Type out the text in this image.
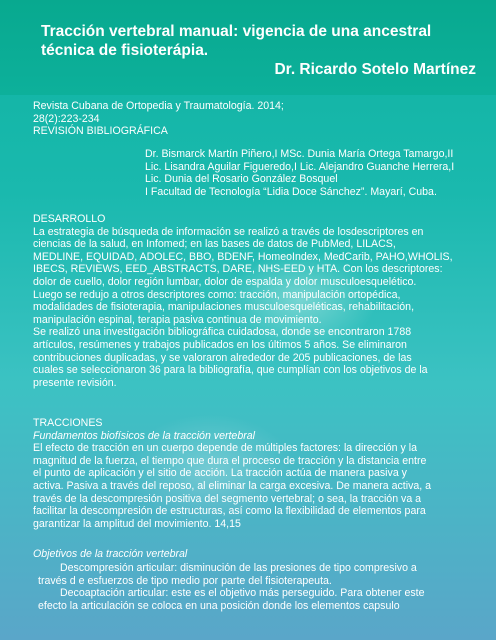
Tracción vertebral manual: vigencia de una ancestral técnica de fisioterápia.

Dr. Ricardo Sotelo Martínez

Revista Cubana de Ortopedia y Traumatología. 2014;

28(2):223-234

REVISIÓN BIBLIOGRÁFICA

Dr. Bismarck Martín Piñero,I MSc. Dunia María Ortega Tamargo,II

Lic. Lisandra Aguilar Figueredo,I Lic. Alejandro Guanche Herrera,I

Lic. Dunia del Rosario González Bosquel

I Facultad de Tecnología “Lidia Doce Sánchez”. Mayarí, Cuba.

DESARROLLO

La estrategia de búsqueda de información se realizó a través de losdescriptores en

ciencias de la salud, en Infomed; en las bases de datos de PubMed, LILACS,

MEDLINE, EQUIDAD, ADOLEC, BBO, BDENF, HomeoIndex, MedCarib, PAHO,WHOLIS,

IBECS, REVIEWS, EED_ABSTRACTS, DARE, NHS-EED y HTA. Con los descriptores:

dolor de cuello, dolor región lumbar, dolor de espalda y dolor musculoesquelético.

Luego se redujo a otros descriptores como: tracción, manipulación ortopédica,

modalidades de fisioterapia, manipulaciones musculoesqueléticas, rehabilitación,

manipulación espinal, terapia pasiva continua de movimiento.

Se realizó una investigación bibliográfica cuidadosa, donde se encontraron 1788

artículos, resúmenes y trabajos publicados en los últimos 5 años. Se eliminaron

contribuciones duplicadas, y se valoraron alrededor de 205 publicaciones, de las

cuales se seleccionaron 36 para la bibliografía, que cumplían con los objetivos de la

presente revisión.

TRACCIONES

Fundamentos biofísicos de la tracción vertebral

El efecto de tracción en un cuerpo depende de múltiples factores: la dirección y la

magnitud de la fuerza, el tiempo que dura el proceso de tracción y la distancia entre

el punto de aplicación y el sitio de acción. La tracción actúa de manera pasiva y

activa. Pasiva a través del reposo, al eliminar la carga excesiva. De manera activa, a

través de la descompresión positiva del segmento vertebral; o sea, la tracción va a

facilitar la descompresión de estructuras, así como la flexibilidad de elementos para

garantizar la amplitud del movimiento. 14,15

Objetivos de la tracción vertebral

Descompresión articular: disminución de las presiones de tipo compresivo a

través d e esfuerzos de tipo medio por parte del fisioterapeuta.

Decoaptación articular: este es el objetivo más perseguido. Para obtener este

efecto la articulación se coloca en una posición donde los elementos capsulo
